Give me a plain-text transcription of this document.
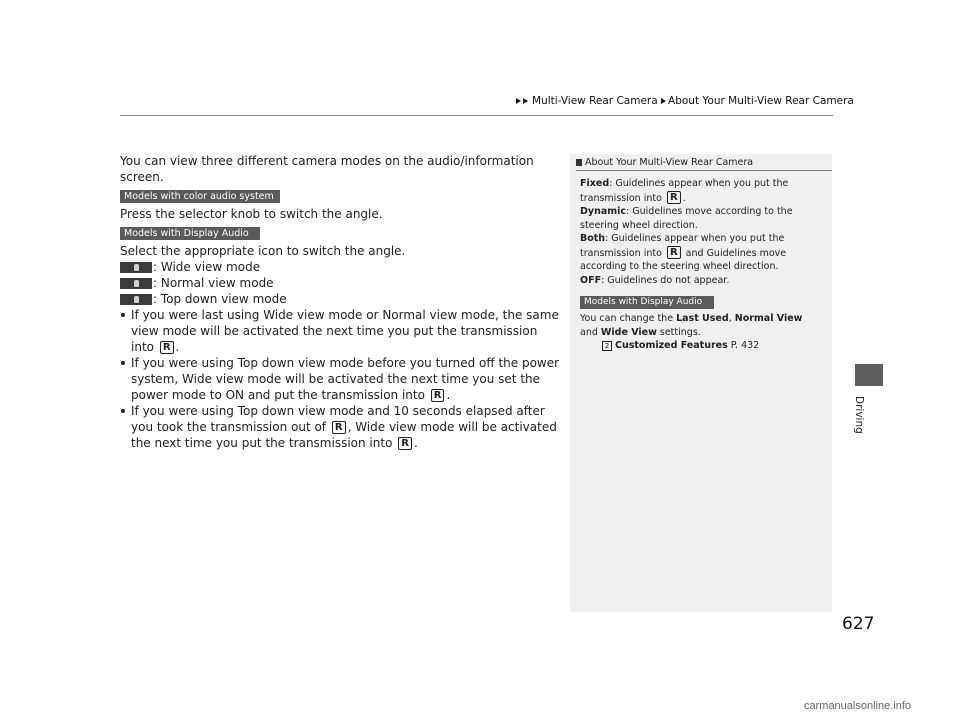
Multi-View Rear Camera About Your Multi-View Rear Camera

You can view three different camera modes on the audio/information screen.

Models with color audio system

Press the selector knob to switch the angle.

Models with Display Audio

Select the appropriate icon to switch the angle.

: Wide view mode
: Normal view mode
: Top down view mode
If you were last using Wide view mode or Normal view mode, the same view mode will be activated the next time you put the transmission into R .
If you were using Top down view mode before you turned off the power system, Wide view mode will be activated the next time you set the power mode to ON and put the transmission into R .
If you were using Top down view mode and 10 seconds elapsed after you took the transmission out of R , Wide view mode will be activated the next time you put the transmission into R .
About Your Multi-View Rear Camera

Fixed: Guidelines appear when you put the transmission into R .

Dynamic: Guidelines move according to the steering wheel direction.

Both: Guidelines appear when you put the transmission into R and Guidelines move according to the steering wheel direction.

OFF: Guidelines do not appear.

Models with Display Audio

You can change the Last Used, Normal View and Wide View settings.

2 Customized Features P. 432

Driving
627
carmanualsonline.info
